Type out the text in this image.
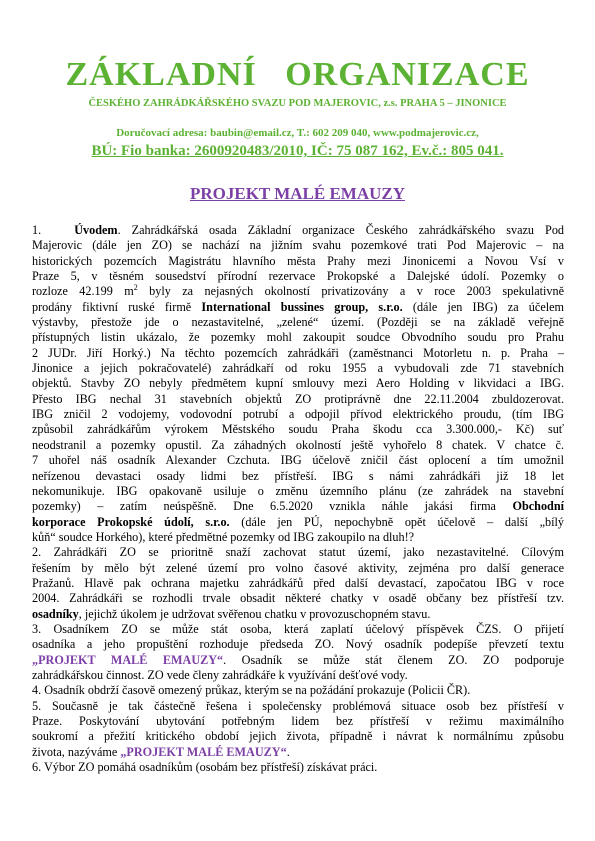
ZÁKLADNÍ   ORGANIZACE
ČESKÉHO ZAHRÁDKÁŘSKÉHO SVAZU POD MAJEROVIC, z.s. PRAHA 5 – JINONICE
Doručovací adresa: baubin@email.cz, T.: 602 209 040, www.podmajerovic.cz,
BÚ: Fio banka: 2600920483/2010, IČ: 75 087 162, Ev.č.: 805 041.
PROJEKT MALÉ EMAUZY
1.	Úvodem. Zahrádkářská osada Základní organizace Českého zahrádkářského svazu Pod
Majerovic (dále jen ZO) se nachází na jižním svahu pozemkové trati Pod Majerovic – na
historických pozemcích Magistrátu hlavního města Prahy mezi Jinonicemi a Novou Vsí v
Praze 5, v těsném sousedství přírodní rezervace Prokopské a Dalejské údolí. Pozemky o
rozloze 42.199 $m^2$ byly za nejasných okolností privatizovány a v roce 2003 spekulativně
prodány fiktivní ruské firmě International bussines group, s.r.o. (dále jen IBG) za účelem
výstavby, přestože jde o nezastavitelné, „zelené“ území. (Později se na základě veřejně
přístupných listin ukázalo, že pozemky mohl zakoupit soudce Obvodního soudu pro Prahu
2 JUDr. Jiří Horký.) Na těchto pozemcích zahrádkáři (zaměstnanci Motorletu n. p. Praha –
Jinonice a jejich pokračovatelé) zahrádkaří od roku 1955 a vybudovali zde 71 stavebních
objektů. Stavby ZO nebyly předmětem kupní smlouvy mezi Aero Holding v likvidaci a IBG.
Přesto IBG nechal 31 stavebních objektů ZO protiprávně dne 22.11.2004 zbuldozerovat.
IBG zničil 2 vodojemy, vodovodní potrubí a odpojil přívod elektrického proudu, (tím IBG
způsobil zahrádkářům výrokem Městského soudu Praha škodu cca 3.300.000,- Kč) suť
neodstranil a pozemky opustil. Za záhadných okolností ještě vyhořelo 8 chatek. V chatce č.
7 uhořel náš osadník Alexander Czchuta. IBG účelově zničil část oplocení a tím umožnil
neřízenou devastaci osady lidmi bez přístřeší. IBG s námi zahrádkáři již 18 let
nekomunikuje. IBG opakovaně usiluje o změnu územního plánu (ze zahrádek na stavební
pozemky) – zatím neúspěšně. Dne 6.5.2020 vznikla náhle jakási firma Obchodní
korporace Prokopské údolí, s.r.o. (dále jen PÚ, nepochybně opět účelově – další „bílý
kůň“ soudce Horkého), které předmětné pozemky od IBG zakoupilo na dluh!?
2. Zahrádkáři ZO se prioritně snaží zachovat statut území, jako nezastavitelné. Cílovým
řešením by mělo být zelené území pro volno časové aktivity, zejména pro další generace
Pražanů. Hlavě pak ochrana majetku zahrádkářů před další devastací, započatou IBG v roce
2004. Zahrádkáři se rozhodli trvale obsadit některé chatky v osadě občany bez přístřeší tzv.
osadníky, jejichž úkolem je udržovat svěřenou chatku v provozuschopném stavu.
3. Osadníkem ZO se může stát osoba, která zaplatí účelový příspěvek ČZS. O přijetí
osadníka a jeho propuštění rozhoduje předseda ZO. Nový osadník podepíše převzetí textu
„PROJEKT MALÉ EMAUZY“. Osadník se může stát členem ZO. ZO podporuje
zahrádkářskou činnost. ZO vede členy zahrádkáře k využívání dešťové vody.
4. Osadník obdrží časově omezený průkaz, kterým se na požádání prokazuje (Policii ČR).
5. Současně je tak částečně řešena i společensky problémová situace osob bez přístřeší v
Praze. Poskytování ubytování potřebným lidem bez přístřeší v režimu maximálního
soukromí a přežití kritického období jejich života, případně i návrat k normálnímu způsobu
života, nazýváme „PROJEKT MALÉ EMAUZY“.
6. Výbor ZO pomáhá osadníkům (osobám bez přístřeší) získávat práci.
